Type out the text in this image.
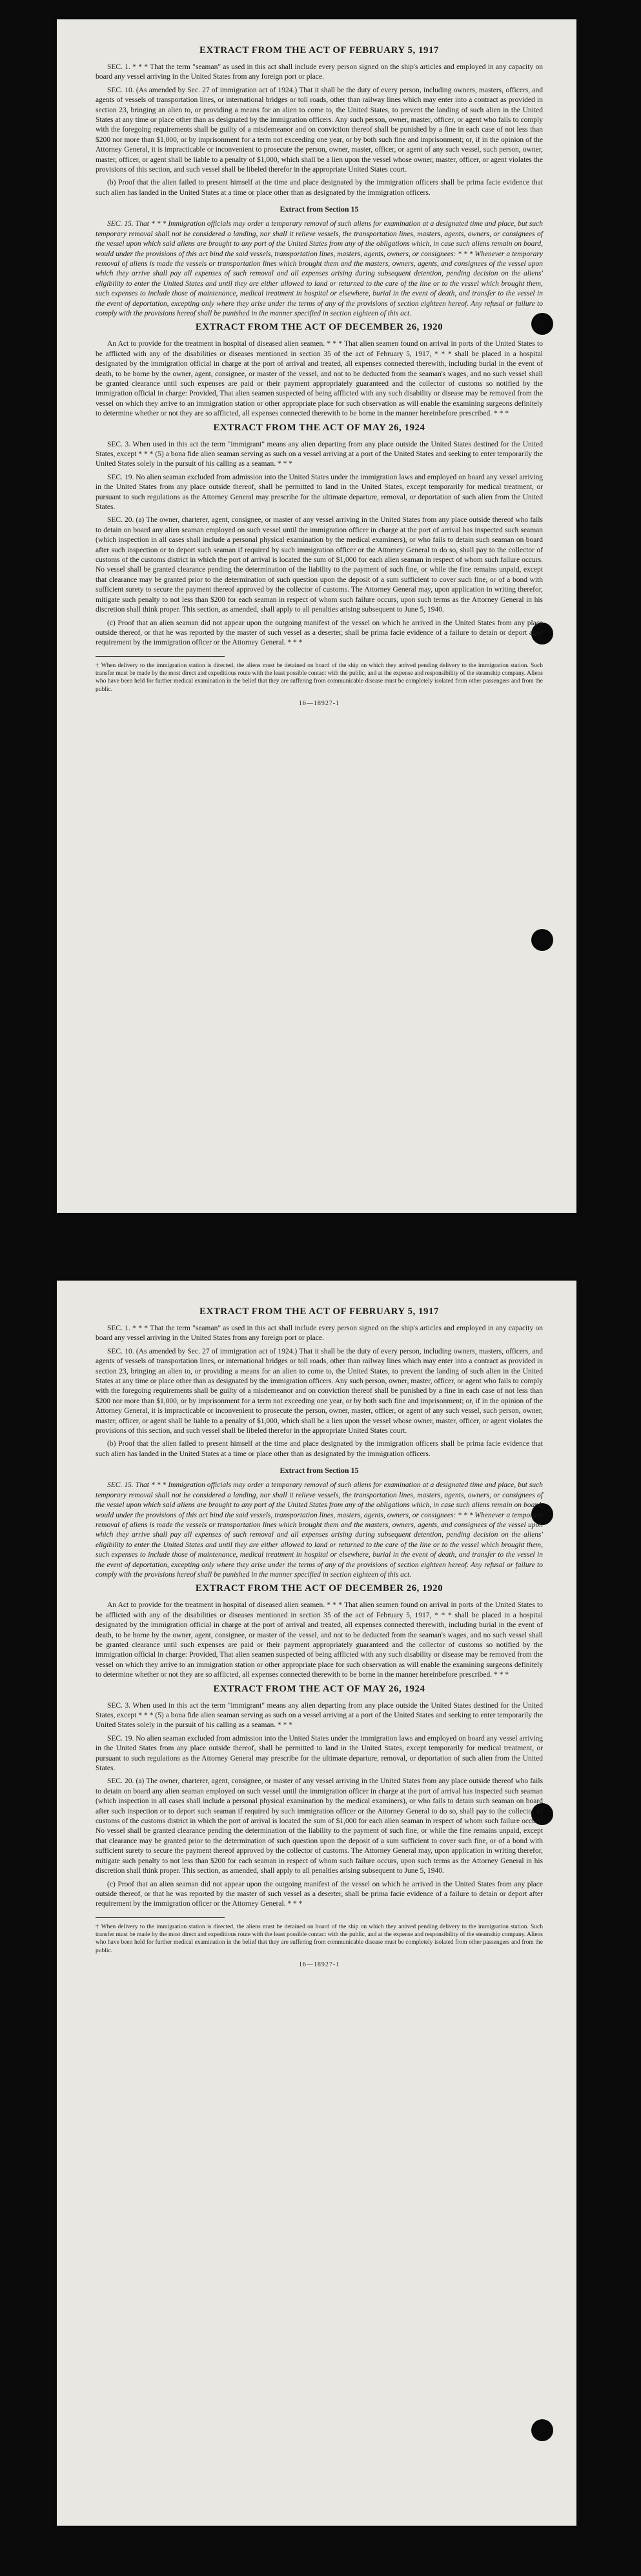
EXTRACT FROM THE ACT OF FEBRUARY 5, 1917

SEC. 1. * * * That the term "seaman" as used in this act shall include every person signed on the ship's articles and employed in any capacity on board any vessel arriving in the United States from any foreign port or place.

SEC. 10. (As amended by Sec. 27 of immigration act of 1924.) That it shall be the duty of every person, including owners, masters, officers, and agents of vessels of transportation lines, or international bridges or toll roads, other than railway lines which may enter into a contract as provided in section 23, bringing an alien to, or providing a means for an alien to come to, the United States, to prevent the landing of such alien in the United States at any time or place other than as designated by the immigration officers. Any such person, owner, master, officer, or agent who fails to comply with the foregoing requirements shall be guilty of a misdemeanor and on conviction thereof shall be punished by a fine in each case of not less than $200 nor more than $1,000, or by imprisonment for a term not exceeding one year, or by both such fine and imprisonment; or, if in the opinion of the Attorney General, it is impracticable or inconvenient to prosecute the person, owner, master, officer, or agent of any such vessel, such person, owner, master, officer, or agent shall be liable to a penalty of $1,000, which shall be a lien upon the vessel whose owner, master, officer, or agent violates the provisions of this section, and such vessel shall be libeled therefor in the appropriate United States court.

(b) Proof that the alien failed to present himself at the time and place designated by the immigration officers shall be prima facie evidence that such alien has landed in the United States at a time or place other than as designated by the immigration officers.

Extract from Section 15

SEC. 15. That * * * Immigration officials may order a temporary removal of such aliens for examination at a designated time and place, but such temporary removal shall not be considered a landing, nor shall it relieve vessels, the transportation lines, masters, agents, owners, or consignees of the vessel upon which said aliens are brought to any port of the United States from any of the obligations which, in case such aliens remain on board, would under the provisions of this act bind the said vessels, transportation lines, masters, agents, owners, or consignees: * * * Whenever a temporary removal of aliens is made the vessels or transportation lines which brought them and the masters, owners, agents, and consignees of the vessel upon which they arrive shall pay all expenses of such removal and all expenses arising during subsequent detention, pending decision on the aliens' eligibility to enter the United States and until they are either allowed to land or returned to the care of the line or to the vessel which brought them, such expenses to include those of maintenance, medical treatment in hospital or elsewhere, burial in the event of death, and transfer to the vessel in the event of deportation, excepting only where they arise under the terms of any of the provisions of section eighteen hereof. Any refusal or failure to comply with the provisions hereof shall be punished in the manner specified in section eighteen of this act.

EXTRACT FROM THE ACT OF DECEMBER 26, 1920

An Act to provide for the treatment in hospital of diseased alien seamen. * * * That alien seamen found on arrival in ports of the United States to be afflicted with any of the disabilities or diseases mentioned in section 35 of the act of February 5, 1917, * * * shall be placed in a hospital designated by the immigration official in charge at the port of arrival and treated, all expenses connected therewith, including burial in the event of death, to be borne by the owner, agent, consignee, or master of the vessel, and not to be deducted from the seaman's wages, and no such vessel shall be granted clearance until such expenses are paid or their payment appropriately guaranteed and the collector of customs so notified by the immigration official in charge: Provided, That alien seamen suspected of being afflicted with any such disability or disease may be removed from the vessel on which they arrive to an immigration station or other appropriate place for such observation as will enable the examining surgeons definitely to determine whether or not they are so afflicted, all expenses connected therewith to be borne in the manner hereinbefore prescribed. * * *

EXTRACT FROM THE ACT OF MAY 26, 1924

SEC. 3. When used in this act the term "immigrant" means any alien departing from any place outside the United States destined for the United States, except * * * (5) a bona fide alien seaman serving as such on a vessel arriving at a port of the United States and seeking to enter temporarily the United States solely in the pursuit of his calling as a seaman. * * *

SEC. 19. No alien seaman excluded from admission into the United States under the immigration laws and employed on board any vessel arriving in the United States from any place outside thereof, shall be permitted to land in the United States, except temporarily for medical treatment, or pursuant to such regulations as the Attorney General may prescribe for the ultimate departure, removal, or deportation of such alien from the United States.

SEC. 20. (a) The owner, charterer, agent, consignee, or master of any vessel arriving in the United States from any place outside thereof who fails to detain on board any alien seaman employed on such vessel until the immigration officer in charge at the port of arrival has inspected such seaman (which inspection in all cases shall include a personal physical examination by the medical examiners), or who fails to detain such seaman on board after such inspection or to deport such seaman if required by such immigration officer or the Attorney General to do so, shall pay to the collector of customs of the customs district in which the port of arrival is located the sum of $1,000 for each alien seaman in respect of whom such failure occurs. No vessel shall be granted clearance pending the determination of the liability to the payment of such fine, or while the fine remains unpaid, except that clearance may be granted prior to the determination of such question upon the deposit of a sum sufficient to cover such fine, or of a bond with sufficient surety to secure the payment thereof approved by the collector of customs. The Attorney General may, upon application in writing therefor, mitigate such penalty to not less than $200 for each seaman in respect of whom such failure occurs, upon such terms as the Attorney General in his discretion shall think proper. This section, as amended, shall apply to all penalties arising subsequent to June 5, 1940.

(c) Proof that an alien seaman did not appear upon the outgoing manifest of the vessel on which he arrived in the United States from any place outside thereof, or that he was reported by the master of such vessel as a deserter, shall be prima facie evidence of a failure to detain or deport after requirement by the immigration officer or the Attorney General. * * *

† When delivery to the immigration station is directed, the aliens must be detained on board of the ship on which they arrived pending delivery to the immigration station. Such transfer must be made by the most direct and expeditious route with the least possible contact with the public, and at the expense and responsibility of the steamship company. Aliens who have been held for further medical examination in the belief that they are suffering from communicable disease must be completely isolated from other passengers and from the public.
16—18927-1
EXTRACT FROM THE ACT OF FEBRUARY 5, 1917

SEC. 1. * * * That the term "seaman" as used in this act shall include every person signed on the ship's articles and employed in any capacity on board any vessel arriving in the United States from any foreign port or place.

SEC. 10. (As amended by Sec. 27 of immigration act of 1924.) That it shall be the duty of every person, including owners, masters, officers, and agents of vessels of transportation lines, or international bridges or toll roads, other than railway lines which may enter into a contract as provided in section 23, bringing an alien to, or providing a means for an alien to come to, the United States, to prevent the landing of such alien in the United States at any time or place other than as designated by the immigration officers. Any such person, owner, master, officer, or agent who fails to comply with the foregoing requirements shall be guilty of a misdemeanor and on conviction thereof shall be punished by a fine in each case of not less than $200 nor more than $1,000, or by imprisonment for a term not exceeding one year, or by both such fine and imprisonment; or, if in the opinion of the Attorney General, it is impracticable or inconvenient to prosecute the person, owner, master, officer, or agent of any such vessel, such person, owner, master, officer, or agent shall be liable to a penalty of $1,000, which shall be a lien upon the vessel whose owner, master, officer, or agent violates the provisions of this section, and such vessel shall be libeled therefor in the appropriate United States court.

(b) Proof that the alien failed to present himself at the time and place designated by the immigration officers shall be prima facie evidence that such alien has landed in the United States at a time or place other than as designated by the immigration officers.

Extract from Section 15

SEC. 15. That * * * Immigration officials may order a temporary removal of such aliens for examination at a designated time and place, but such temporary removal shall not be considered a landing, nor shall it relieve vessels, the transportation lines, masters, agents, owners, or consignees of the vessel upon which said aliens are brought to any port of the United States from any of the obligations which, in case such aliens remain on board, would under the provisions of this act bind the said vessels, transportation lines, masters, agents, owners, or consignees: * * * Whenever a temporary removal of aliens is made the vessels or transportation lines which brought them and the masters, owners, agents, and consignees of the vessel upon which they arrive shall pay all expenses of such removal and all expenses arising during subsequent detention, pending decision on the aliens' eligibility to enter the United States and until they are either allowed to land or returned to the care of the line or to the vessel which brought them, such expenses to include those of maintenance, medical treatment in hospital or elsewhere, burial in the event of death, and transfer to the vessel in the event of deportation, excepting only where they arise under the terms of any of the provisions of section eighteen hereof. Any refusal or failure to comply with the provisions hereof shall be punished in the manner specified in section eighteen of this act.

EXTRACT FROM THE ACT OF DECEMBER 26, 1920

An Act to provide for the treatment in hospital of diseased alien seamen. * * * That alien seamen found on arrival in ports of the United States to be afflicted with any of the disabilities or diseases mentioned in section 35 of the act of February 5, 1917, * * * shall be placed in a hospital designated by the immigration official in charge at the port of arrival and treated, all expenses connected therewith, including burial in the event of death, to be borne by the owner, agent, consignee, or master of the vessel, and not to be deducted from the seaman's wages, and no such vessel shall be granted clearance until such expenses are paid or their payment appropriately guaranteed and the collector of customs so notified by the immigration official in charge: Provided, That alien seamen suspected of being afflicted with any such disability or disease may be removed from the vessel on which they arrive to an immigration station or other appropriate place for such observation as will enable the examining surgeons definitely to determine whether or not they are so afflicted, all expenses connected therewith to be borne in the manner hereinbefore prescribed. * * *

EXTRACT FROM THE ACT OF MAY 26, 1924

SEC. 3. When used in this act the term "immigrant" means any alien departing from any place outside the United States destined for the United States, except * * * (5) a bona fide alien seaman serving as such on a vessel arriving at a port of the United States and seeking to enter temporarily the United States solely in the pursuit of his calling as a seaman. * * *

SEC. 19. No alien seaman excluded from admission into the United States under the immigration laws and employed on board any vessel arriving in the United States from any place outside thereof, shall be permitted to land in the United States, except temporarily for medical treatment, or pursuant to such regulations as the Attorney General may prescribe for the ultimate departure, removal, or deportation of such alien from the United States.

SEC. 20. (a) The owner, charterer, agent, consignee, or master of any vessel arriving in the United States from any place outside thereof who fails to detain on board any alien seaman employed on such vessel until the immigration officer in charge at the port of arrival has inspected such seaman (which inspection in all cases shall include a personal physical examination by the medical examiners), or who fails to detain such seaman on board after such inspection or to deport such seaman if required by such immigration officer or the Attorney General to do so, shall pay to the collector of customs of the customs district in which the port of arrival is located the sum of $1,000 for each alien seaman in respect of whom such failure occurs. No vessel shall be granted clearance pending the determination of the liability to the payment of such fine, or while the fine remains unpaid, except that clearance may be granted prior to the determination of such question upon the deposit of a sum sufficient to cover such fine, or of a bond with sufficient surety to secure the payment thereof approved by the collector of customs. The Attorney General may, upon application in writing therefor, mitigate such penalty to not less than $200 for each seaman in respect of whom such failure occurs, upon such terms as the Attorney General in his discretion shall think proper. This section, as amended, shall apply to all penalties arising subsequent to June 5, 1940.

(c) Proof that an alien seaman did not appear upon the outgoing manifest of the vessel on which he arrived in the United States from any place outside thereof, or that he was reported by the master of such vessel as a deserter, shall be prima facie evidence of a failure to detain or deport after requirement by the immigration officer or the Attorney General. * * *

† When delivery to the immigration station is directed, the aliens must be detained on board of the ship on which they arrived pending delivery to the immigration station. Such transfer must be made by the most direct and expeditious route with the least possible contact with the public, and at the expense and responsibility of the steamship company. Aliens who have been held for further medical examination in the belief that they are suffering from communicable disease must be completely isolated from other passengers and from the public.
16—18927-1
